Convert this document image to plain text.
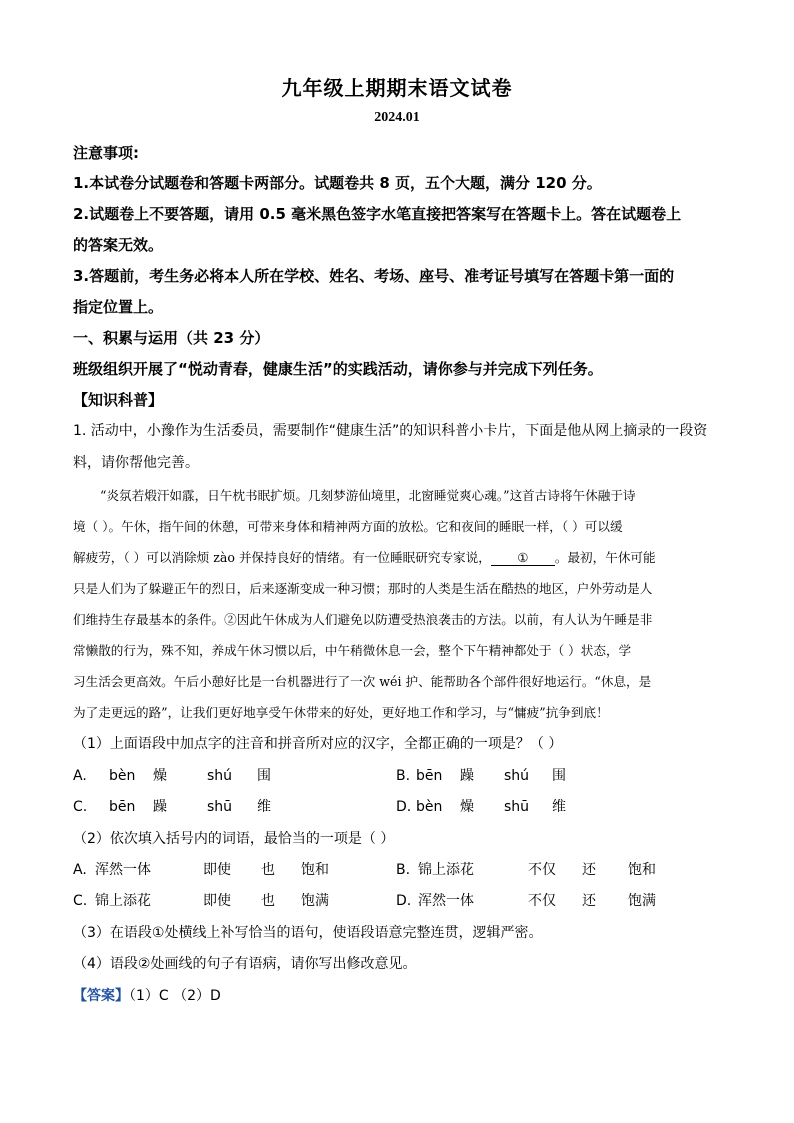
九年级上期期末语文试卷
2024.01
注意事项:
1.本试卷分试题卷和答题卡两部分。试题卷共 8 页，五个大题，满分 120 分。
2.试题卷上不要答题，请用 0.5 毫米黑色签字水笔直接把答案写在答题卡上。答在试题卷上
的答案无效。
3.答题前，考生务必将本人所在学校、姓名、考场、座号、准考证号填写在答题卡第一面的
指定位置上。
一、积累与运用（共 23 分）
班级组织开展了“悦动青春，健康生活”的实践活动，请你参与并完成下列任务。
【知识科普】
1. 活动中，小豫作为生活委员，需要制作“健康生活”的知识科普小卡片，下面是他从网上摘录的一段资
料，请你帮他完善。
“炎氛若煅汗如霡，日午枕书眠扩烦。几刻梦游仙境里，北窗睡觉爽心魂。”这首古诗将午休融于诗
境（ ）。午休，指午间的休憩，可带来身体和精神两方面的放松。它和夜间的睡眠一样，（ ）可以缓
解疲劳，（ ）可以消除烦 zào 并保持良好的情绪。有一位睡眠研究专家说， ① 。最初，午休可能
只是人们为了躲避正午的烈日，后来逐渐变成一种习惯；那时的人类是生活在酷热的地区，户外劳动是人
们维持生存最基本的条件。②因此午休成为人们避免以防遭受热浪袭击的方法。以前，有人认为午睡是非
常懒散的行为，殊不知，养成午休习惯以后，中午稍微休息一会，整个下午精神都处于（ ）状态，学
习生活会更高效。午后小憩好比是一台机器进行了一次 wéi 护、能帮助各个部件很好地运行。“休息，是
为了走更远的路”，让我们更好地享受午休带来的好处，更好地工作和学习，与“慵疲”抗争到底！
（1）上面语段中加点字的注音和拼音所对应的汉字，全都正确的一项是？（ ）
A. bèn 燥	shú 围	B. bēn 躁 shú 围
C. bēn 躁	shū 维	D. bèn 燥 shū 维
（2）依次填入括号内的词语，最恰当的一项是（ ）
A. 浑然一体	即使 也 饱和	B. 锦上添花	不仅 还 饱和
C. 锦上添花	即使 也 饱满	D. 浑然一体	不仅 还 饱满
（3）在语段①处横线上补写恰当的语句，使语段语意完整连贯，逻辑严密。
（4）语段②处画线的句子有语病，请你写出修改意见。
【答案】（1）C （2）D
